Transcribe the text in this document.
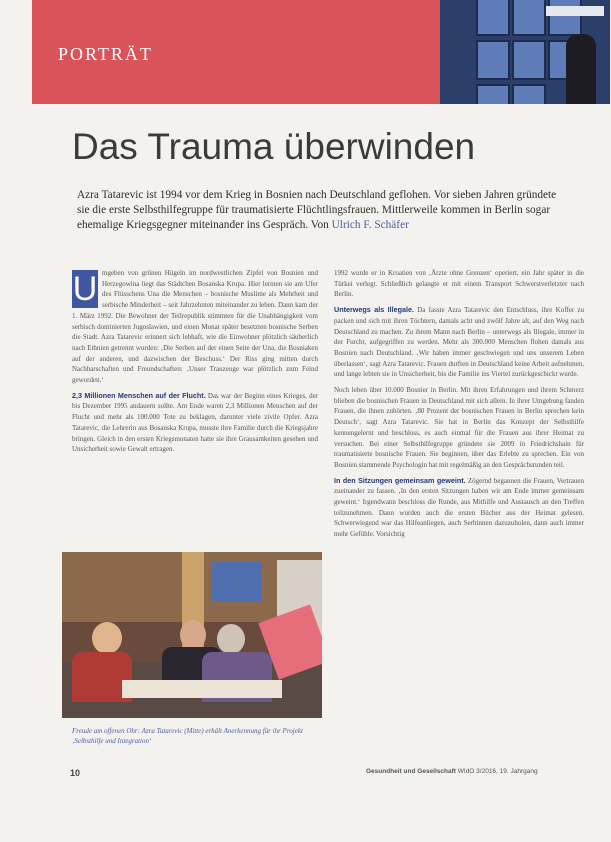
PORTRÄT
Das Trauma überwinden
Azra Tatarevic ist 1994 vor dem Krieg in Bosnien nach Deutschland geflohen. Vor sieben Jahren gründete sie die erste Selbsthilfegruppe für traumatisierte Flüchtlingsfrauen. Mittlerweile kommen in Berlin sogar ehemalige Kriegsgegner miteinander ins Gespräch. Von Ulrich F. Schäfer

U mgeben von grünen Hügeln im nordwestlichen Zipfel von Bosnien und Herzegowina liegt das Städtchen Bosanska Krupa. Hier lernten sie am Ufer des Flüsschens Una die Menschen – bosnische Muslime als Mehrheit und serbische Minderheit – seit Jahrzehnten miteinander zu leben. Dann kam der 1. März 1992. Die Bewohner der Teilrepublik stimmten für die Unabhängigkeit vom serbisch dominierten Jugoslawien, und einen Monat später besetzten bosnische Serben die Stadt. Azra Tatarevic erinnert sich lebhaft, wie die Einwohner plötzlich säuberlich nach Ethnien getrennt wurden: ‚Die Serben auf der einen Seite der Una, die Bosniaken auf der anderen, und dazwischen der Beschuss.‘ Der Riss ging mitten durch Nachbarschaften und Freundschaften: ‚Unser Trauzeuge war plötzlich zum Feind geworden.‘

2,3 Millionen Menschen auf der Flucht. Das war der Beginn eines Krieges, der bis Dezember 1995 andauern sollte. Am Ende waren 2,3 Millionen Menschen auf der Flucht und mehr als 100.000 Tote zu beklagen, darunter viele zivile Opfer. Azra Tatarevic, die Lehrerin aus Bosanska Krupa, musste ihre Familie durch die Kriegsjahre bringen. Gleich in den ersten Kriegsmonaten hatte sie ihre Grausamkeiten gesehen und Unsicherheit sowie Gewalt ertragen.

1992 wurde er in Kroatien von ‚Ärzte ohne Grenzen‘ operiert, ein Jahr später in die Türkei verlegt. Schließlich gelangte er mit einem Transport Schwerstverletzter nach Berlin.

Unterwegs als Illegale. Da fasste Azra Tatarevic den Entschluss, ihre Koffer zu packen und sich mit ihren Töchtern, damals acht und zwölf Jahre alt, auf den Weg nach Deutschland zu machen. Zu ihrem Mann nach Berlin – unterwegs als Illegale, immer in der Furcht, aufgegriffen zu werden. Mehr als 300.000 Menschen flohen damals aus Bosnien nach Deutschland. ‚Wir haben immer geschwiegen und uns unserem Leben überlassen‘, sagt Azra Tatarevic. Frauen durften in Deutschland keine Arbeit aufnehmen, und lange lebten sie in Unsicherheit, bis die Familie ins Viertel zurückgeschickt wurde.

Noch leben über 10.000 Bosnier in Berlin. Mit ihren Erfahrungen und ihrem Schmerz blieben die bosnischen Frauen in Deutschland mit sich allein. In ihrer Umgebung fanden Frauen, die ihnen zuhörten. ‚80 Prozent der bosnischen Frauen in Berlin sprechen kein Deutsch‘, sagt Azra Tatarevic. Sie hat in Berlin das Konzept der Selbsthilfe kennengelernt und beschloss, es auch einmal für die Frauen aus ihrer Heimat zu versuchen. Bei einer Selbsthilfegruppe gründete sie 2009 in Friedrichshain für traumatisierte bosnische Frauen. Sie beginnen, über das Erlebte zu sprechen. Ein von Bosnien stammende Psychologin hat mit regelmäßig an den Gesprächsrunden teil.

In den Sitzungen gemeinsam geweint. Zögernd begannen die Frauen, Vertrauen zueinander zu fassen. ‚In den ersten Sitzungen haben wir am Ende immer gemeinsam geweint.‘ Irgendwann beschloss die Runde, aus Mithilfe und Austausch an den Treffen teilzunehmen. Dann wurden auch die ersten Bücher aus der Heimat gelesen. Schwerwiegend war das Hilfeanliegen, auch Serbinnen dazuzuholen, dann auch immer mehr Gefühle. Vorsichtig

Freude am offenen Ohr: Azra Tatarevic (Mitte) erhält Anerkennung für ihr Projekt ‚Selbsthilfe und Integration‘
10	Gesundheit und Gesellschaft WIdO 3/2016, 19. Jahrgang
